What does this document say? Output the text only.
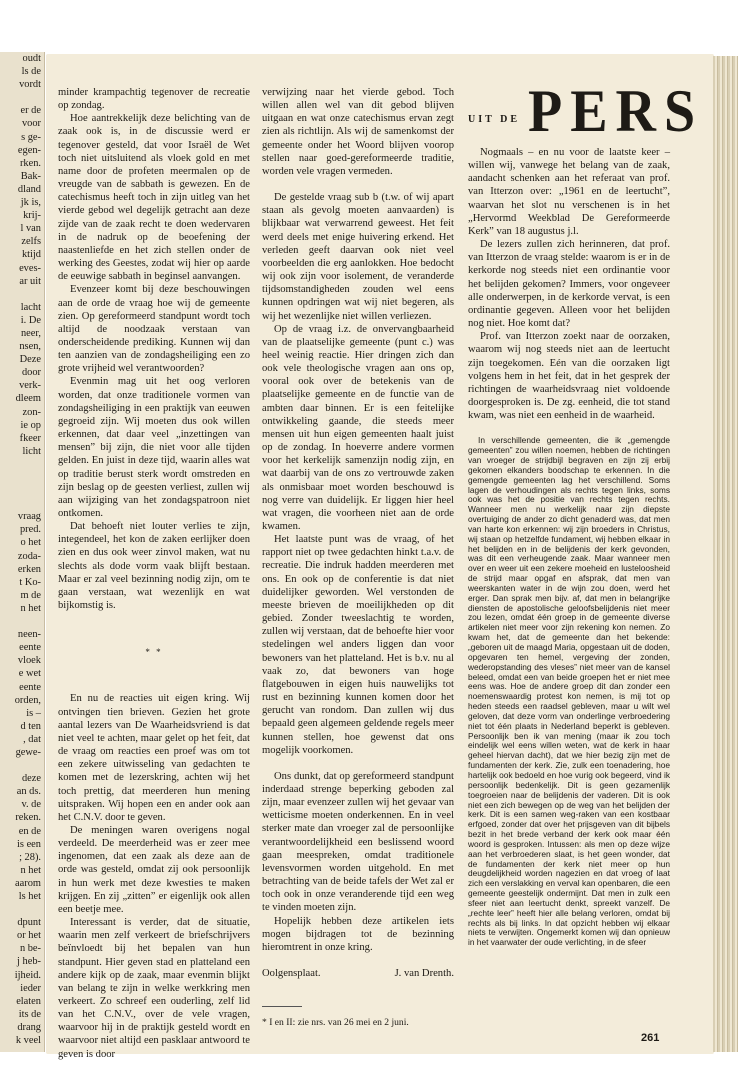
oudt
ls de
vordt
er de
voor
s ge-
egen-
rken.
Bak-
dland
jk is,
krij-
l van
zelfs
ktijd
eves-
ar uit
lacht
i. De
neer,
nsen,
Deze
door
verk-
dleem
zon-
ie op
fkeer
licht
vraag
pred.
o het
zoda-
erken
t Ko-
m de
n het
neen-
eente
vloek
e wet
eente
orden,
is –
d ten
, dat
gewe-
deze
an ds.
v. de
reken.
en de
is een
; 28).
n het
aarom
ls het
dpunt
or het
n be-
j heb-
ijheid.
ieder
elaten
its de
drang
k veel

minder krampachtig tegenover de recreatie op zondag.

Hoe aantrekkelijk deze belichting van de zaak ook is, in de discussie werd er tegenover gesteld, dat voor Israël de Wet toch niet uitsluitend als vloek gold en met name door de profeten meermalen op de vreugde van de sabbath is gewezen. En de catechismus heeft toch in zijn uitleg van het vierde gebod wel degelijk getracht aan deze zijde van de zaak recht te doen wedervaren in de nadruk op de beoefening der naastenliefde en het zich stellen onder de werking des Geestes, zodat wij hier op aarde de eeuwige sabbath in beginsel aanvangen.

Evenzeer komt bij deze beschouwingen aan de orde de vraag hoe wij de gemeente zien. Op gereformeerd standpunt wordt toch altijd de noodzaak verstaan van onderscheidende prediking. Kunnen wij dan ten aanzien van de zondagsheiliging een zo grote vrijheid wel verantwoorden?

Evenmin mag uit het oog verloren worden, dat onze traditionele vormen van zondagsheiliging in een praktijk van eeuwen gegroeid zijn. Wij moeten dus ook willen erkennen, dat daar veel „inzettingen van mensen” bij zijn, die niet voor alle tijden gelden. En juist in deze tijd, waarin alles wat op traditie berust sterk wordt omstreden en zijn beslag op de geesten verliest, zullen wij aan wijziging van het zondagspatroon niet ontkomen.

Dat behoeft niet louter verlies te zijn, integendeel, het kon de zaken eerlijker doen zien en dus ook weer zinvol maken, wat nu slechts als dode vorm vaak blijft bestaan. Maar er zal veel bezinning nodig zijn, om te gaan verstaan, wat wezenlijk en wat bijkomstig is.

* *

En nu de reacties uit eigen kring. Wij ontvingen tien brieven. Gezien het grote aantal lezers van De Waarheidsvriend is dat niet veel te achten, maar gelet op het feit, dat de vraag om reacties een proef was om tot een zekere uitwisseling van gedachten te komen met de lezerskring, achten wij het toch prettig, dat meerderen hun mening uitspraken. Wij hopen een en ander ook aan het C.N.V. door te geven.

De meningen waren overigens nogal verdeeld. De meerderheid was er zeer mee ingenomen, dat een zaak als deze aan de orde was gesteld, omdat zij ook persoonlijk in hun werk met deze kwesties te maken krijgen. En zij „zitten” er eigenlijk ook allen een beetje mee.

Interessant is verder, dat de situatie, waarin men zelf verkeert de briefschrijvers beïnvloedt bij het bepalen van hun standpunt. Hier geven stad en platteland een andere kijk op de zaak, maar evenmin blijkt van belang te zijn in welke werkkring men verkeert. Zo schreef een ouderling, zelf lid van het C.N.V., over de vele vragen, waarvoor hij in de praktijk gesteld wordt en waarvoor niet altijd een pasklaar antwoord te geven is door

verwijzing naar het vierde gebod. Toch willen allen wel van dit gebod blijven uitgaan en wat onze catechismus ervan zegt zien als richtlijn. Als wij de samenkomst der gemeente onder het Woord blijven voorop stellen naar goed-gereformeerde traditie, worden vele vragen vermeden.

De gestelde vraag sub b (t.w. of wij apart staan als gevolg moeten aanvaarden) is blijkbaar wat verwarrend geweest. Het feit werd deels met enige huivering erkend. Het verleden geeft daarvan ook niet veel voorbeelden die erg aanlokken. Hoe bedocht wij ook zijn voor isolement, de veranderde tijdsomstandigheden zouden wel eens kunnen opdringen wat wij niet begeren, als wij het wezenlijke niet willen verliezen.

Op de vraag i.z. de onvervangbaarheid van de plaatselijke gemeente (punt c.) was heel weinig reactie. Hier dringen zich dan ook vele theologische vragen aan ons op, vooral ook over de betekenis van de plaatselijke gemeente en de functie van de ambten daar binnen. Er is een feitelijke ontwikkeling gaande, die steeds meer mensen uit hun eigen gemeenten haalt juist op de zondag. In hoeverre andere vormen voor het kerkelijk samenzijn nodig zijn, en wat daarbij van de ons zo vertrouwde zaken als onmisbaar moet worden beschouwd is nog verre van duidelijk. Er liggen hier heel wat vragen, die voorheen niet aan de orde kwamen.

Het laatste punt was de vraag, of het rapport niet op twee gedachten hinkt t.a.v. de recreatie. Die indruk hadden meerderen met ons. En ook op de conferentie is dat niet duidelijker geworden. Wel verstonden de meeste brieven de moeilijkheden op dit gebied. Zonder tweeslachtig te worden, zullen wij verstaan, dat de behoefte hier voor stedelingen wel anders liggen dan voor bewoners van het platteland. Het is b.v. nu al vaak zo, dat bewoners van hoge flatgebouwen in eigen huis nauwelijks tot rust en bezinning kunnen komen door het gerucht van rondom. Dan zullen wij dus bepaald geen algemeen geldende regels meer kunnen stellen, hoe gewenst dat ons mogelijk voorkomen.

Ons dunkt, dat op gereformeerd standpunt inderdaad strenge beperking geboden zal zijn, maar evenzeer zullen wij het gevaar van wetticisme moeten onderkennen. En in veel sterker mate dan vroeger zal de persoonlijke verantwoordelijkheid een beslissend woord gaan meespreken, omdat traditionele levensvormen worden uitgehold. En met betrachting van de beide tafels der Wet zal er toch ook in onze veranderende tijd een weg te vinden moeten zijn.

Hopelijk hebben deze artikelen iets mogen bijdragen tot de bezinning hieromtrent in onze kring.

Oolgensplaat.	J. van Drenth.
* I en II: zie nrs. van 26 mei en 2 juni.
UIT DE PERS

Nogmaals – en nu voor de laatste keer – willen wij, vanwege het belang van de zaak, aandacht schenken aan het referaat van prof. van Itterzon over: „1961 en de leertucht”, waarvan het slot nu verschenen is in het „Hervormd Weekblad De Gereformeerde Kerk” van 18 augustus j.l.

De lezers zullen zich herinneren, dat prof. van Itterzon de vraag stelde: waarom is er in de kerkorde nog steeds niet een ordinantie voor het belijden gekomen? Immers, voor ongeveer alle onderwerpen, in de kerkorde vervat, is een ordinantie gegeven. Alleen voor het belijden nog niet. Hoe komt dat?

Prof. van Itterzon zoekt naar de oorzaken, waarom wij nog steeds niet aan de leertucht zijn toegekomen. Eén van die oorzaken ligt volgens hem in het feit, dat in het gesprek der richtingen de waarheidsvraag niet voldoende doorgesproken is. De zg. eenheid, die tot stand kwam, was niet een eenheid in de waarheid.

In verschillende gemeenten, die ik „gemengde gemeenten” zou willen noemen, hebben de richtingen van vroeger de strijdbijl begraven en zijn zij erbij gekomen elkanders boodschap te erkennen. In die gemengde gemeenten lag het verschillend. Soms lagen de verhoudingen als rechts tegen links, soms ook was het de positie van rechts tegen rechts. Wanneer men nu werkelijk naar zijn diepste overtuiging de ander zo dicht genaderd was, dat men van harte kon erkennen: wij zijn broeders in Christus, wij staan op hetzelfde fundament, wij hebben elkaar in het belijden en in de belijdenis der kerk gevonden, was dit een verheugende zaak. Maar wanneer men over en weer uit een zekere moeheid en lusteloosheid de strijd maar opgaf en afsprak, dat men van weerskanten water in de wijn zou doen, werd het erger. Dan sprak men bijv. af, dat men in belangrijke diensten de apostolische geloofsbelijdenis niet meer zou lezen, omdat één groep in de gemeente diverse artikelen niet meer voor zijn rekening kon nemen. Zo kwam het, dat de gemeente dan het bekende: „geboren uit de maagd Maria, opgestaan uit de doden, opgevaren ten hemel, vergeving der zonden, wederopstanding des vleses” niet meer van de kansel beleed, omdat een van beide groepen het er niet mee eens was. Hoe de andere groep dit dan zonder een noemenswaardig protest kon nemen, is mij tot op heden steeds een raadsel gebleven, maar u wilt wel geloven, dat deze vorm van onderlinge verbroedering niet tot één plaats in Nederland beperkt is gebleven. Persoonlijk ben ik van mening (maar ik zou toch eindelijk wel eens willen weten, wat de kerk in haar geheel hiervan dacht), dat we hier bezig zijn met de fundamenten der kerk. Zie, zulk een toenadering, hoe hartelijk ook bedoeld en hoe vurig ook begeerd, vind ik persoonlijk bedenkelijk. Dit is geen gezamenlijk toegroeien naar de belijdenis der vaderen. Dit is ook niet een zich bewegen op de weg van het belijden der kerk. Dit is een samen weg-raken van een kostbaar erfgoed, zonder dat over het prijsgeven van dit bijbels bezit in het brede verband der kerk ook maar één woord is gesproken. Intussen: als men op deze wijze aan het verbroederen slaat, is het geen wonder, dat de fundamenten der kerk niet meer op hun deugdelijkheid worden nagezien en dat vroeg of laat zich een verslakking en verval kan openbaren, die een gemeente geestelijk ondermijnt. Dat men in zulk een sfeer niet aan leertucht denkt, spreekt vanzelf. De „rechte leer” heeft hier alle belang verloren, omdat bij rechts als bij links. In dat opzicht hebben wij elkaar niets te verwijten. Ongemerkt komen wij dan opnieuw in het vaarwater der oude verlichting, in de sfeer

261
